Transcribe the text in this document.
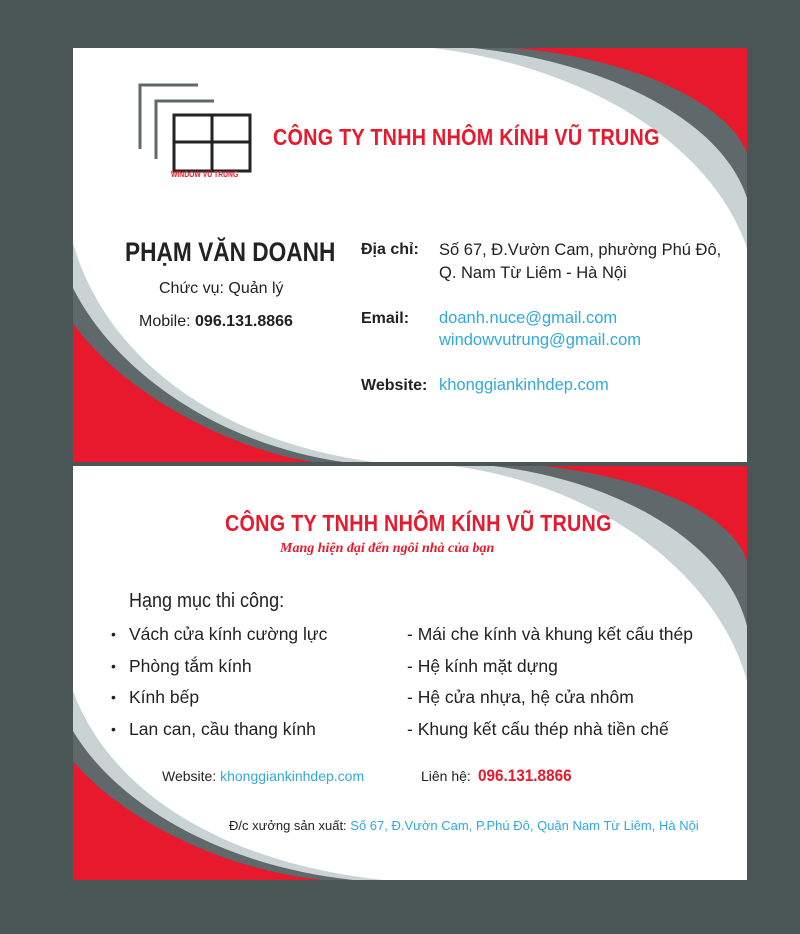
WINDOW VŨ TRUNG
CÔNG TY TNHH NHÔM KÍNH VŨ TRUNG
PHẠM VĂN DOANH
Chức vụ: Quản lý
Mobile: 096.131.8866
Địa chỉ: Số 67, Đ.Vườn Cam, phường Phú Đô,
Q. Nam Từ Liêm - Hà Nội
Email: doanh.nuce@gmail.com
windowvutrung@gmail.com
Website: khonggiankinhdep.com
CÔNG TY TNHH NHÔM KÍNH VŨ TRUNG
Mang hiện đại đến ngôi nhà của bạn
Hạng mục thi công:
• Vách cửa kính cường lực
• Phòng tắm kính
• Kính bếp
• Lan can, cầu thang kính
- Mái che kính và khung kết cấu thép
- Hệ kính mặt dựng
- Hệ cửa nhựa, hệ cửa nhôm
- Khung kết cấu thép nhà tiền chế
Website: khonggiankinhdep.com	Liên hệ: 096.131.8866
Đ/c xưởng sản xuất: Số 67, Đ.Vườn Cam, P.Phú Đô, Quận Nam Từ Liêm, Hà Nội
